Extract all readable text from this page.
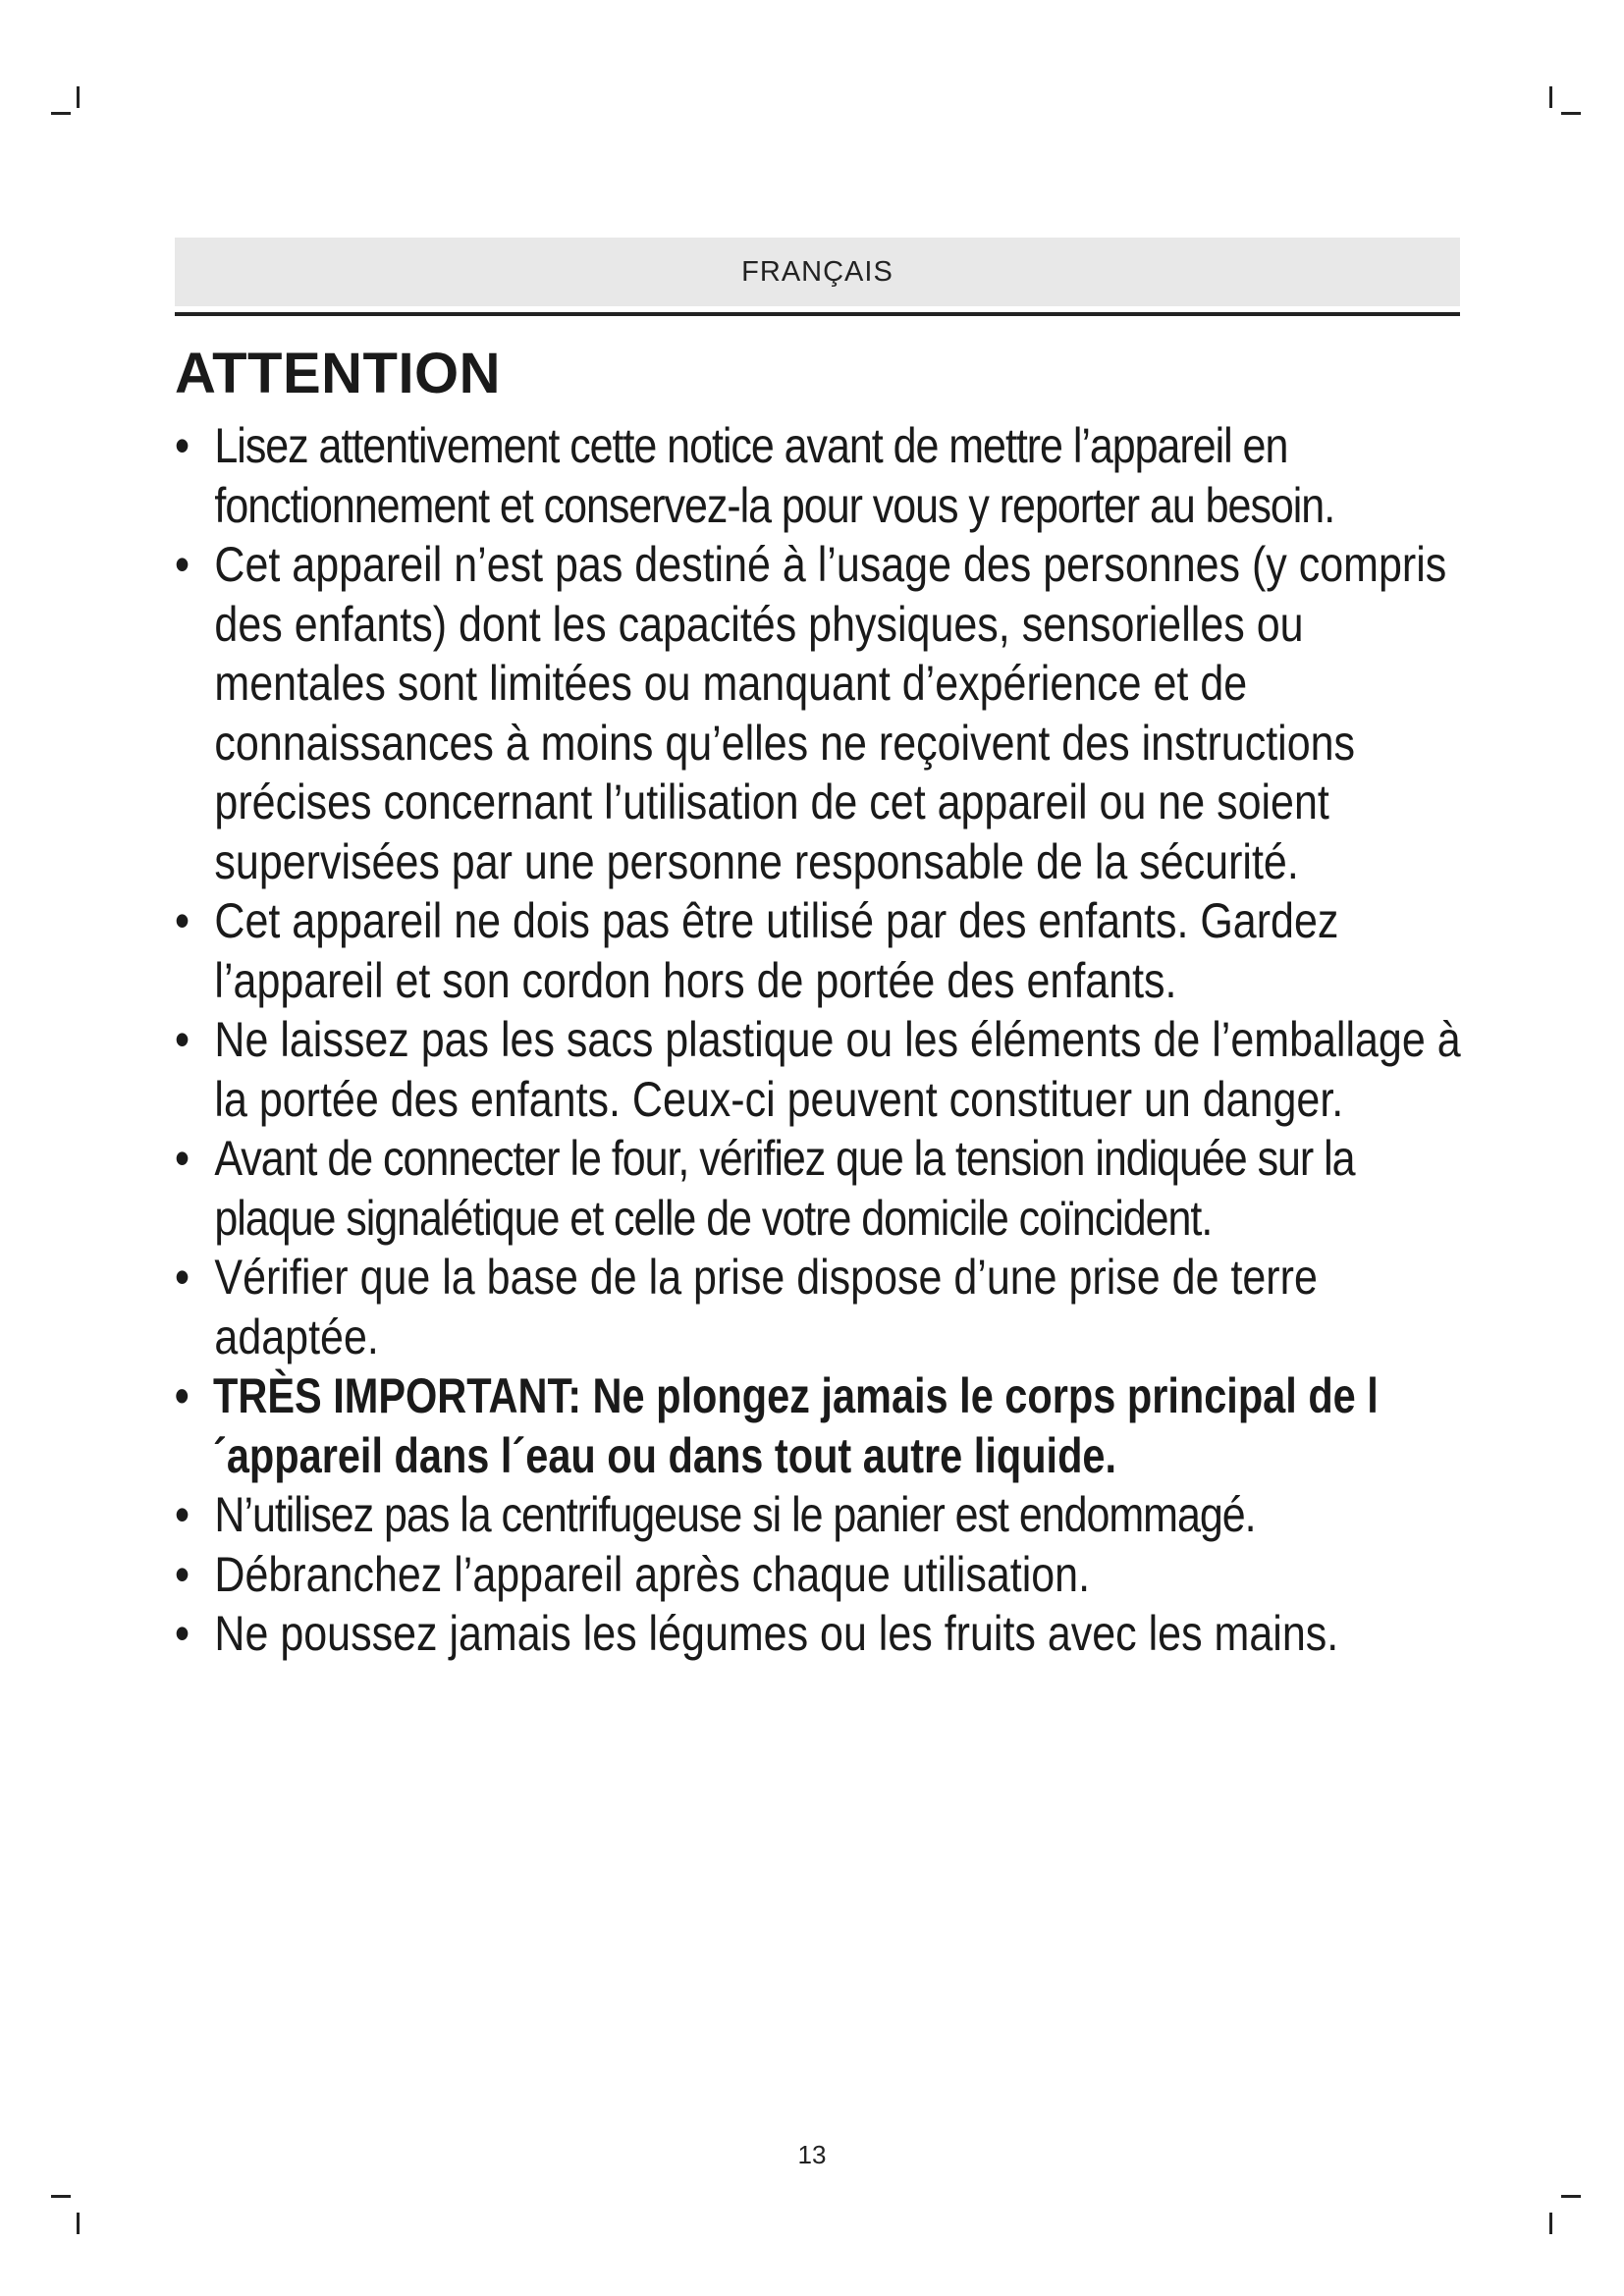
FRANÇAIS
ATTENTION
• Lisez attentivement cette notice avant de mettre l’appareil en fonctionnement et conservez-la pour vous y reporter au besoin.
• Cet appareil n’est pas destiné à l’usage des personnes (y compris des enfants) dont les capacités physiques, sensorielles ou mentales sont limitées ou manquant d’expérience et de connaissances à moins qu’elles ne reçoivent des instructions précises concernant l’utilisation de cet appareil ou ne soient supervisées par une personne responsable de la sécurité.
• Cet appareil ne dois pas être utilisé par des enfants. Gardez l’appareil et son cordon hors de portée des enfants.
• Ne laissez pas les sacs plastique ou les éléments de l’emballage à la portée des enfants. Ceux-ci peuvent constituer un danger.
• Avant de connecter le four, vérifiez que la tension indiquée sur la plaque signalétique et celle de votre domicile coïncident.
• Vérifier que la base de la prise dispose d’une prise de terre adaptée.
• TRÈS IMPORTANT: Ne plongez jamais le corps principal de l´appareil dans l´eau ou dans tout autre liquide.
• N’utilisez pas la centrifugeuse si le panier est endommagé.
• Débranchez l’appareil après chaque utilisation.
• Ne poussez jamais les légumes ou les fruits avec les mains.
13
